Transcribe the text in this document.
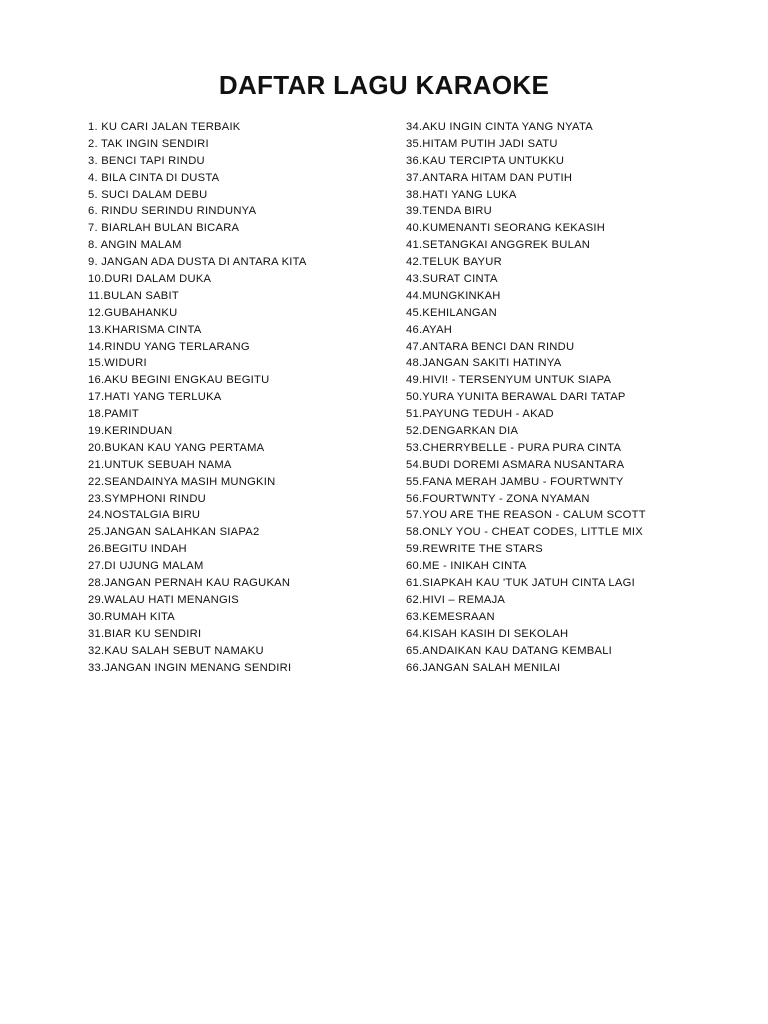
DAFTAR LAGU KARAOKE
1. KU CARI JALAN TERBAIK
2. TAK INGIN SENDIRI
3. BENCI TAPI RINDU
4. BILA CINTA DI DUSTA
5. SUCI DALAM DEBU
6. RINDU SERINDU RINDUNYA
7. BIARLAH BULAN BICARA
8. ANGIN MALAM
9. JANGAN ADA DUSTA DI ANTARA KITA
10.DURI DALAM DUKA
11.BULAN SABIT
12.GUBAHANKU
13.KHARISMA CINTA
14.RINDU YANG TERLARANG
15.WIDURI
16.AKU BEGINI ENGKAU BEGITU
17.HATI YANG TERLUKA
18.PAMIT
19.KERINDUAN
20.BUKAN KAU YANG PERTAMA
21.UNTUK SEBUAH NAMA
22.SEANDAINYA MASIH MUNGKIN
23.SYMPHONI RINDU
24.NOSTALGIA BIRU
25.JANGAN SALAHKAN SIAPA2
26.BEGITU INDAH
27.DI UJUNG MALAM
28.JANGAN PERNAH KAU RAGUKAN
29.WALAU HATI MENANGIS
30.RUMAH KITA
31.BIAR KU SENDIRI
32.KAU SALAH SEBUT NAMAKU
33.JANGAN INGIN MENANG SENDIRI
34.AKU INGIN CINTA YANG NYATA
35.HITAM PUTIH JADI SATU
36.KAU TERCIPTA UNTUKKU
37.ANTARA HITAM DAN PUTIH
38.HATI YANG LUKA
39.TENDA BIRU
40.KUMENANTI SEORANG KEKASIH
41.SETANGKAI ANGGREK BULAN
42.TELUK BAYUR
43.SURAT CINTA
44.MUNGKINKAH
45.KEHILANGAN
46.AYAH
47.ANTARA BENCI DAN RINDU
48.JANGAN SAKITI HATINYA
49.HIVI! - TERSENYUM UNTUK SIAPA
50.YURA YUNITA BERAWAL DARI TATAP
51.PAYUNG TEDUH - AKAD
52.DENGARKAN DIA
53.CHERRYBELLE - PURA PURA CINTA
54.BUDI DOREMI ASMARA NUSANTARA
55.FANA MERAH JAMBU - FOURTWNTY
56.FOURTWNTY - ZONA NYAMAN
57.YOU ARE THE REASON - CALUM SCOTT
58.ONLY YOU - CHEAT CODES, LITTLE MIX
59.REWRITE THE STARS
60.ME - INIKAH CINTA
61.SIAPKAH KAU 'TUK JATUH CINTA LAGI
62.HIVI – REMAJA
63.KEMESRAAN
64.KISAH KASIH DI SEKOLAH
65.ANDAIKAN KAU DATANG KEMBALI
66.JANGAN SALAH MENILAI
